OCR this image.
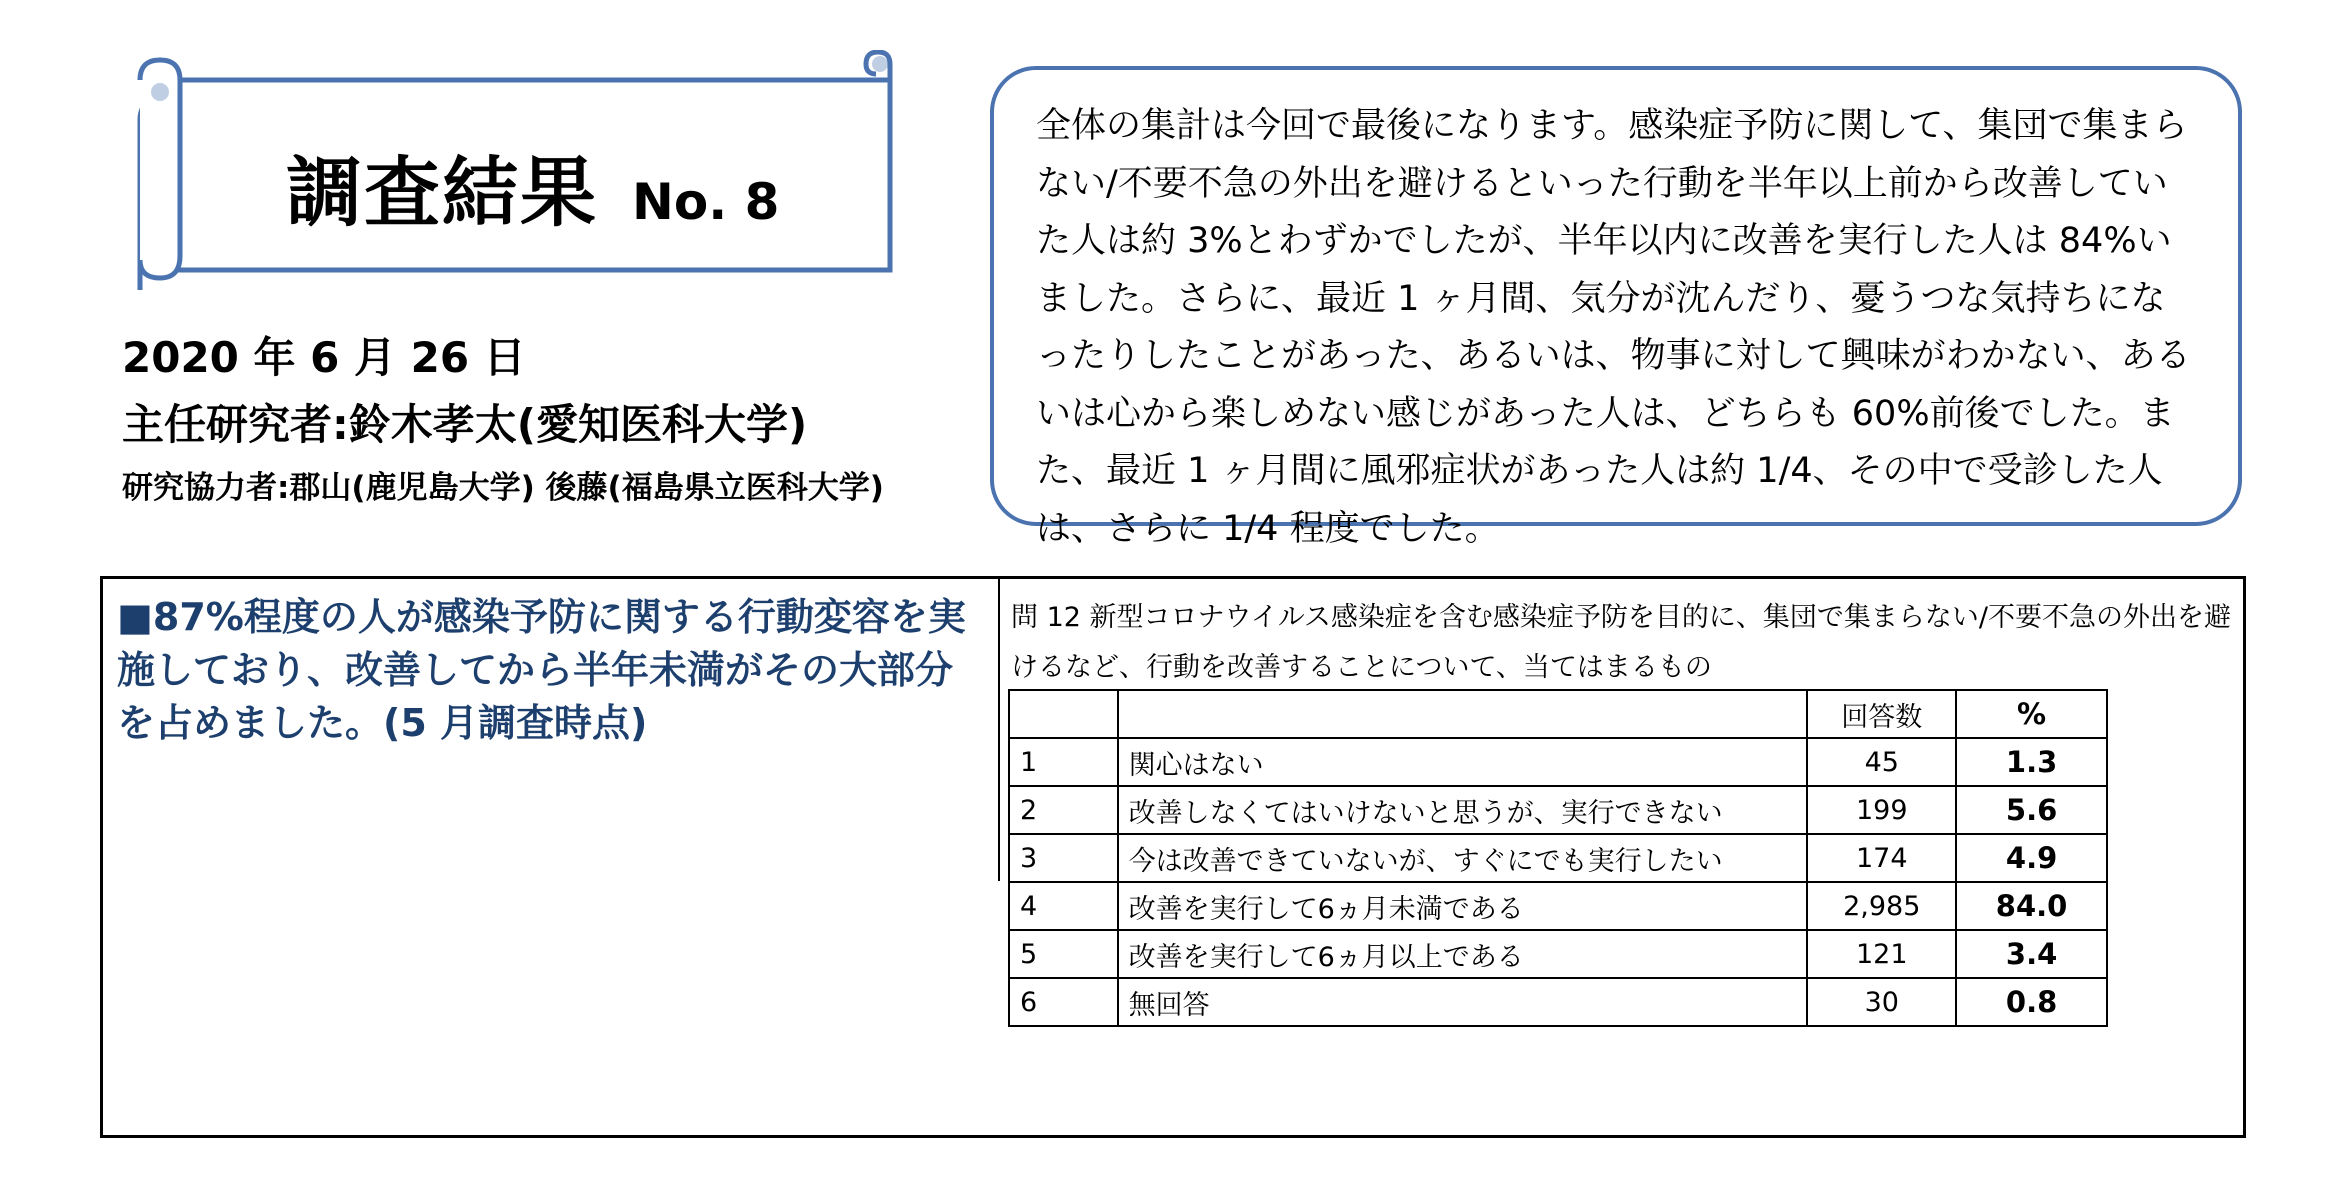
調査結果 No. 8
2020 年 6 月 26 日
主任研究者:鈴木孝太(愛知医科大学)
研究協力者:郡山(鹿児島大学) 後藤(福島県立医科大学)

全体の集計は今回で最後になります。感染症予防に関して、集団で集まらない/不要不急の外出を避けるといった行動を半年以上前から改善していた人は約 3%とわずかでしたが、半年以内に改善を実行した人は 84%いました。さらに、最近 1 ヶ月間、気分が沈んだり、憂うつな気持ちになったりしたことがあった、あるいは、物事に対して興味がわかない、あるいは心から楽しめない感じがあった人は、どちらも 60%前後でした。また、最近 1 ヶ月間に風邪症状があった人は約 1/4、その中で受診した人は、さらに 1/4 程度でした。

■87%程度の人が感染予防に関する行動変容を実施しており、改善してから半年未満がその大部分を占めました。(5 月調査時点)

問 12 新型コロナウイルス感染症を含む感染症予防を目的に、集団で集まらない/不要不急の外出を避けるなど、行動を改善することについて、当てはまるもの

		回答数	%
1	関心はない	45	1.3
2	改善しなくてはいけないと思うが、実行できない	199	5.6
3	今は改善できていないが、すぐにでも実行したい	174	4.9
4	改善を実行して6ヵ月未満である	2,985	84.0
5	改善を実行して6ヵ月以上である	121	3.4
6	無回答	30	0.8
